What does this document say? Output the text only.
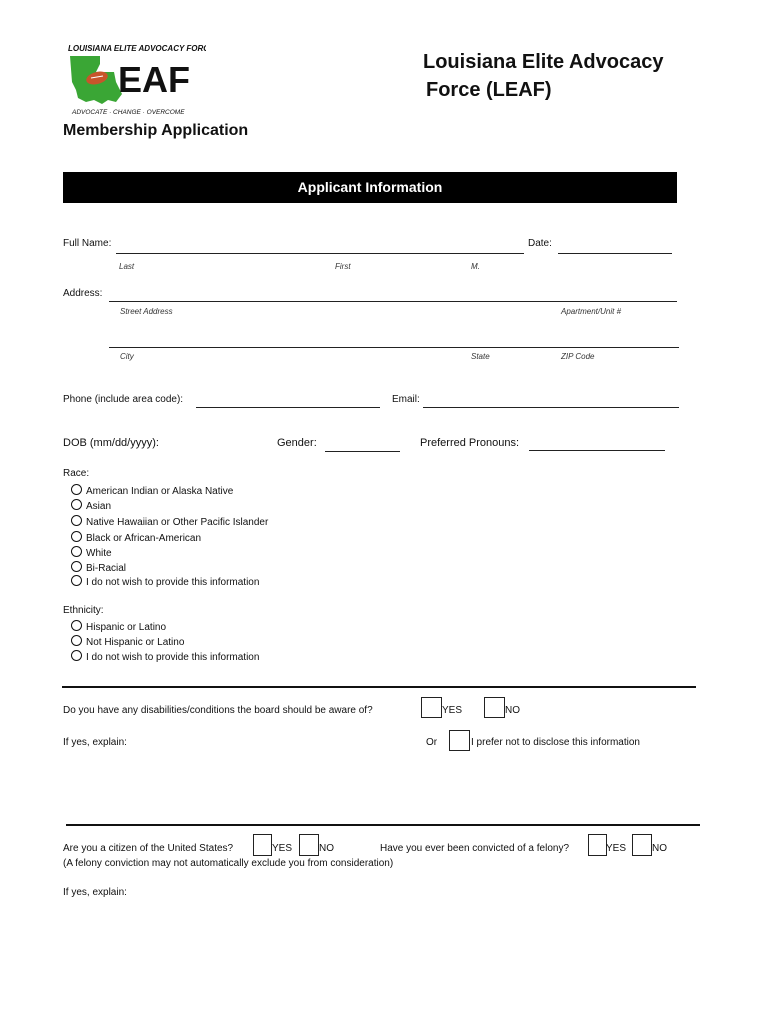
LOUISIANA ELITE ADVOCACY FORCE
EAF
ADVOCATE · CHANGE · OVERCOME
Louisiana Elite Advocacy
Force (LEAF)
Membership Application
Applicant Information
Full Name:	Date:
Last	First	M.
Address:
Street Address	Apartment/Unit #
City	State	ZIP Code
Phone (include area code):	Email:
DOB (mm/dd/yyyy):	Gender:	Preferred Pronouns:
Race:
American Indian or Alaska Native
Asian
Native Hawaiian or Other Pacific Islander
Black or African-American
White
Bi-Racial
I do not wish to provide this information
Ethnicity:
Hispanic or Latino
Not Hispanic or Latino
I do not wish to provide this information
Do you have any disabilities/conditions the board should be aware of?	YES	NO
If yes, explain:	Or	I prefer not to disclose this information
Are you a citizen of the United States?	YES	NO	Have you ever been convicted of a felony?	YES	NO
(A felony conviction may not automatically exclude you from consideration)
If yes, explain:
